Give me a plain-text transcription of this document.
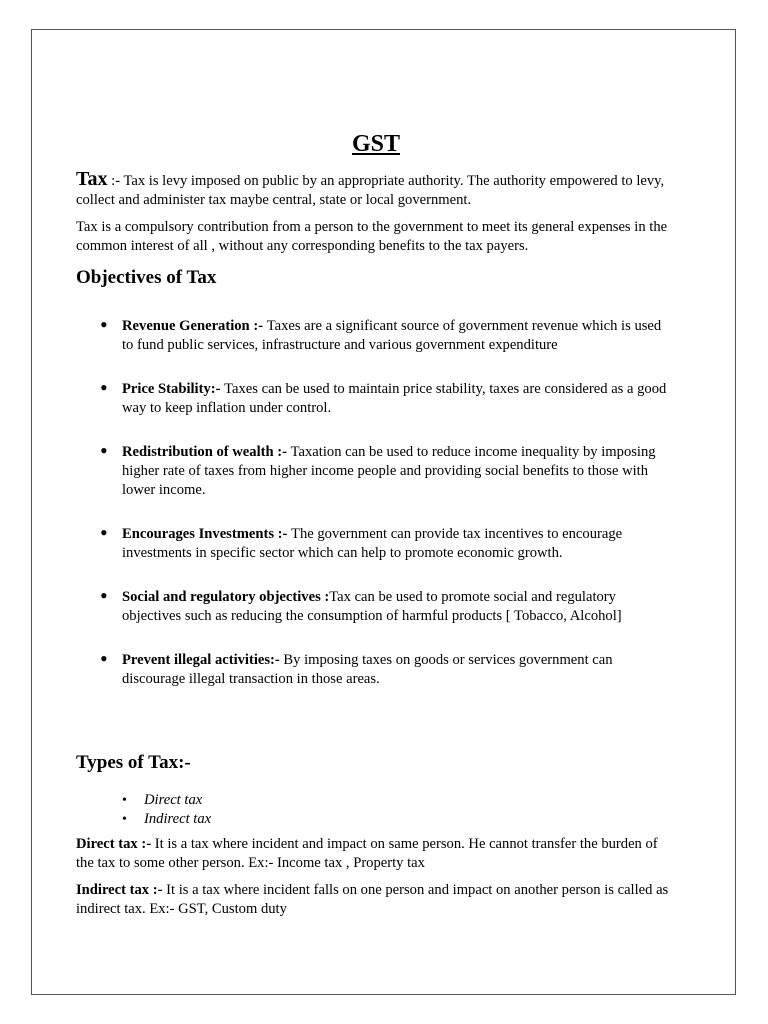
GST

Tax :- Tax is levy imposed on public by an appropriate authority. The authority empowered to levy, collect and administer tax maybe central, state or local government.

Tax is a compulsory contribution from a person to the government to meet its general expenses in the common interest of all , without any corresponding benefits to the tax payers.

Objectives of Tax
• Revenue Generation :- Taxes are a significant source of government revenue which is used to fund public services, infrastructure and various government expenditure
• Price Stability:- Taxes can be used to maintain price stability, taxes are considered as a good way to keep inflation under control.
• Redistribution of wealth :- Taxation can be used to reduce income inequality by imposing higher rate of taxes from higher income people and providing social benefits to those with lower income.
• Encourages Investments :- The government can provide tax incentives to encourage investments in specific sector which can help to promote economic growth.
• Social and regulatory objectives :Tax can be used to promote social and regulatory objectives such as reducing the consumption of harmful products [ Tobacco, Alcohol]
• Prevent illegal activities:- By imposing taxes on goods or services government can discourage illegal transaction in those areas.
Types of Tax:-
• Direct tax
• Indirect tax

Direct tax :- It is a tax where incident and impact on same person. He cannot transfer the burden of the tax to some other person. Ex:- Income tax , Property tax

Indirect tax :- It is a tax where incident falls on one person and impact on another person is called as indirect tax. Ex:- GST, Custom duty
